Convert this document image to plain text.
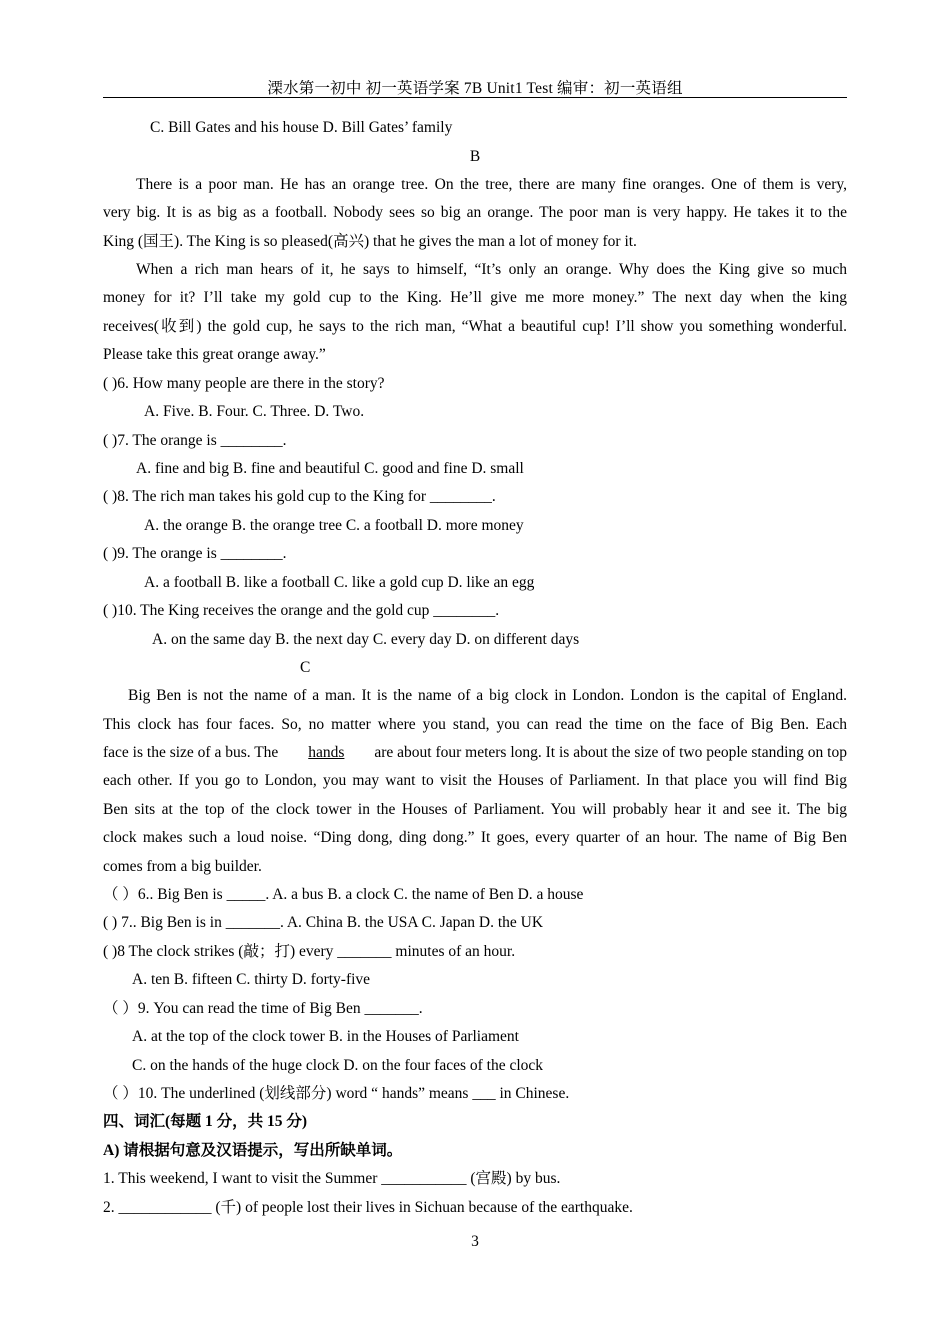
溧水第一初中 初一英语学案 7B Unit1 Test 编审：初一英语组
C. Bill Gates and his house D. Bill Gates’ family
B
There is a poor man. He has an orange tree. On the tree, there are many fine oranges. One of them is very,
very big. It is as big as a football. Nobody sees so big an orange. The poor man is very happy. He takes it to the
King (国王). The King is so pleased(高兴) that he gives the man a lot of money for it.
When a rich man hears of it, he says to himself, “It’s only an orange. Why does the King give so much
money for it? I’ll take my gold cup to the King. He’ll give me more money.” The next day when the king
receives(收到) the gold cup, he says to the rich man, “What a beautiful cup! I’ll show you something wonderful.
Please take this great orange away.”
( )6. How many people are there in the story?
A. Five. B. Four. C. Three. D. Two.
( )7. The orange is ________.
A. fine and big B. fine and beautiful C. good and fine D. small
( )8. The rich man takes his gold cup to the King for ________.
A. the orange B. the orange tree C. a football D. more money
( )9. The orange is ________.
A. a football B. like a football C. like a gold cup D. like an egg
( )10. The King receives the orange and the gold cup ________.
A. on the same day B. the next day C. every day D. on different days
C
Big Ben is not the name of a man. It is the name of a big clock in London. London is the capital of England.
This clock has four faces. So, no matter where you stand, you can read the time on the face of Big Ben. Each
face is the size of a bus. The hands are about four meters long. It is about the size of two people standing on top
each other. If you go to London, you may want to visit the Houses of Parliament. In that place you will find Big
Ben sits at the top of the clock tower in the Houses of Parliament. You will probably hear it and see it. The big
clock makes such a loud noise. “Ding dong, ding dong.” It goes, every quarter of an hour. The name of Big Ben
comes from a big builder.
（ ）6.. Big Ben is _____. A. a bus B. a clock C. the name of Ben D. a house
( ) 7.. Big Ben is in _______. A. China B. the USA C. Japan D. the UK
( )8 The clock strikes (敲；打) every _______ minutes of an hour.
A. ten B. fifteen C. thirty D. forty-five
（ ）9. You can read the time of Big Ben _______.
A. at the top of the clock tower B. in the Houses of Parliament
C. on the hands of the huge clock D. on the four faces of the clock
（ ）10. The underlined (划线部分) word “ hands” means ___ in Chinese.
四、词汇(每题 1 分，共 15 分)
A) 请根据句意及汉语提示，写出所缺单词。
1. This weekend, I want to visit the Summer ___________ (宫殿) by bus.
2. ____________ (千) of people lost their lives in Sichuan because of the earthquake.
3
